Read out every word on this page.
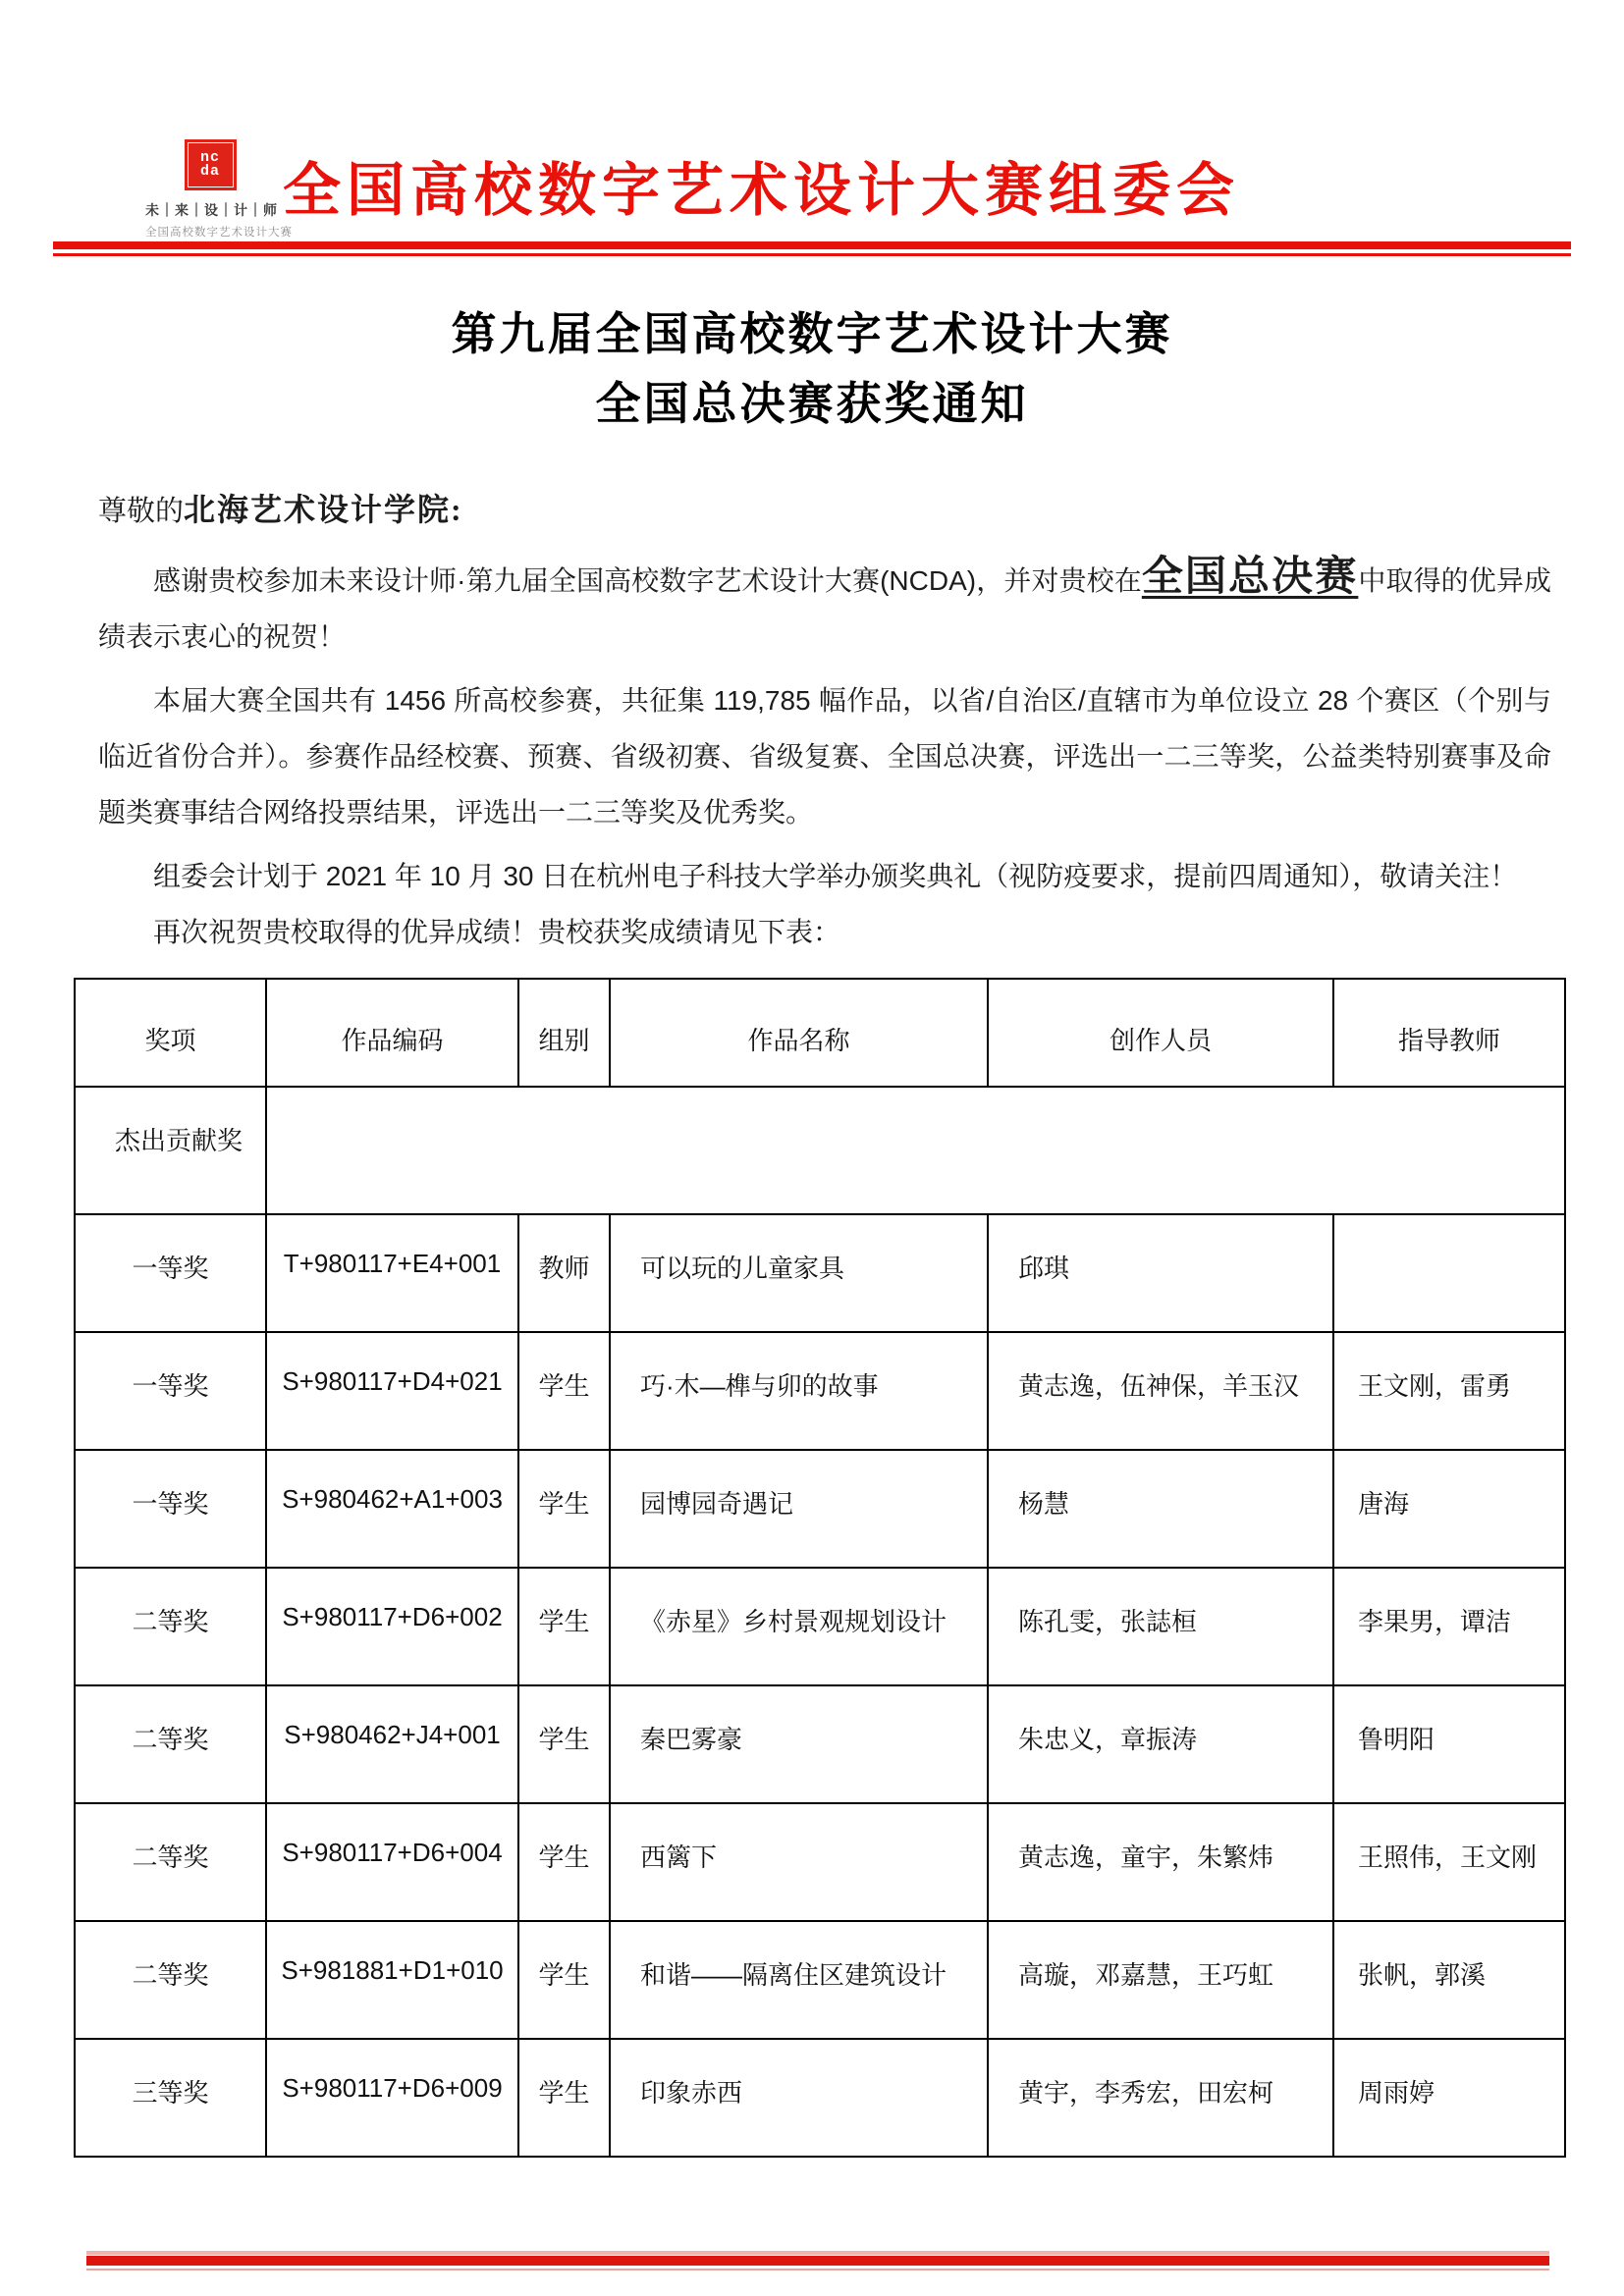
nc
da
未｜来｜设｜计｜师
全国高校数字艺术设计大赛
全国高校数字艺术设计大赛组委会
第九届全国高校数字艺术设计大赛
全国总决赛获奖通知
尊敬的北海艺术设计学院:

感谢贵校参加未来设计师·第九届全国高校数字艺术设计大赛(NCDA)，并对贵校在全国总决赛中取得的优异成绩表示衷心的祝贺！

本届大赛全国共有 1456 所高校参赛，共征集 119,785 幅作品，以省/自治区/直辖市为单位设立 28 个赛区（个别与临近省份合并）。参赛作品经校赛、预赛、省级初赛、省级复赛、全国总决赛，评选出一二三等奖，公益类特别赛事及命题类赛事结合网络投票结果，评选出一二三等奖及优秀奖。

组委会计划于 2021 年 10 月 30 日在杭州电子科技大学举办颁奖典礼（视防疫要求，提前四周通知），敬请关注！

再次祝贺贵校取得的优异成绩！贵校获奖成绩请见下表：

奖项	作品编码	组别	作品名称	创作人员	指导教师
杰出贡献奖					
一等奖	T+980117+E4+001	教师	可以玩的儿童家具	邱琪	
一等奖	S+980117+D4+021	学生	巧·木—榫与卯的故事	黄志逸，伍神保，羊玉汉	王文刚，雷勇
一等奖	S+980462+A1+003	学生	园博园奇遇记	杨慧	唐海
二等奖	S+980117+D6+002	学生	《赤星》乡村景观规划设计	陈孔雯，张誌桓	李果男，谭洁
二等奖	S+980462+J4+001	学生	秦巴雾豪	朱忠义，章振涛	鲁明阳
二等奖	S+980117+D6+004	学生	西篱下	黄志逸，童宇，朱繁炜	王照伟，王文刚
二等奖	S+981881+D1+010	学生	和谐——隔离住区建筑设计	高璇，邓嘉慧，王巧虹	张帆，郭溪
三等奖	S+980117+D6+009	学生	印象赤西	黄宇，李秀宏，田宏柯	周雨婷
